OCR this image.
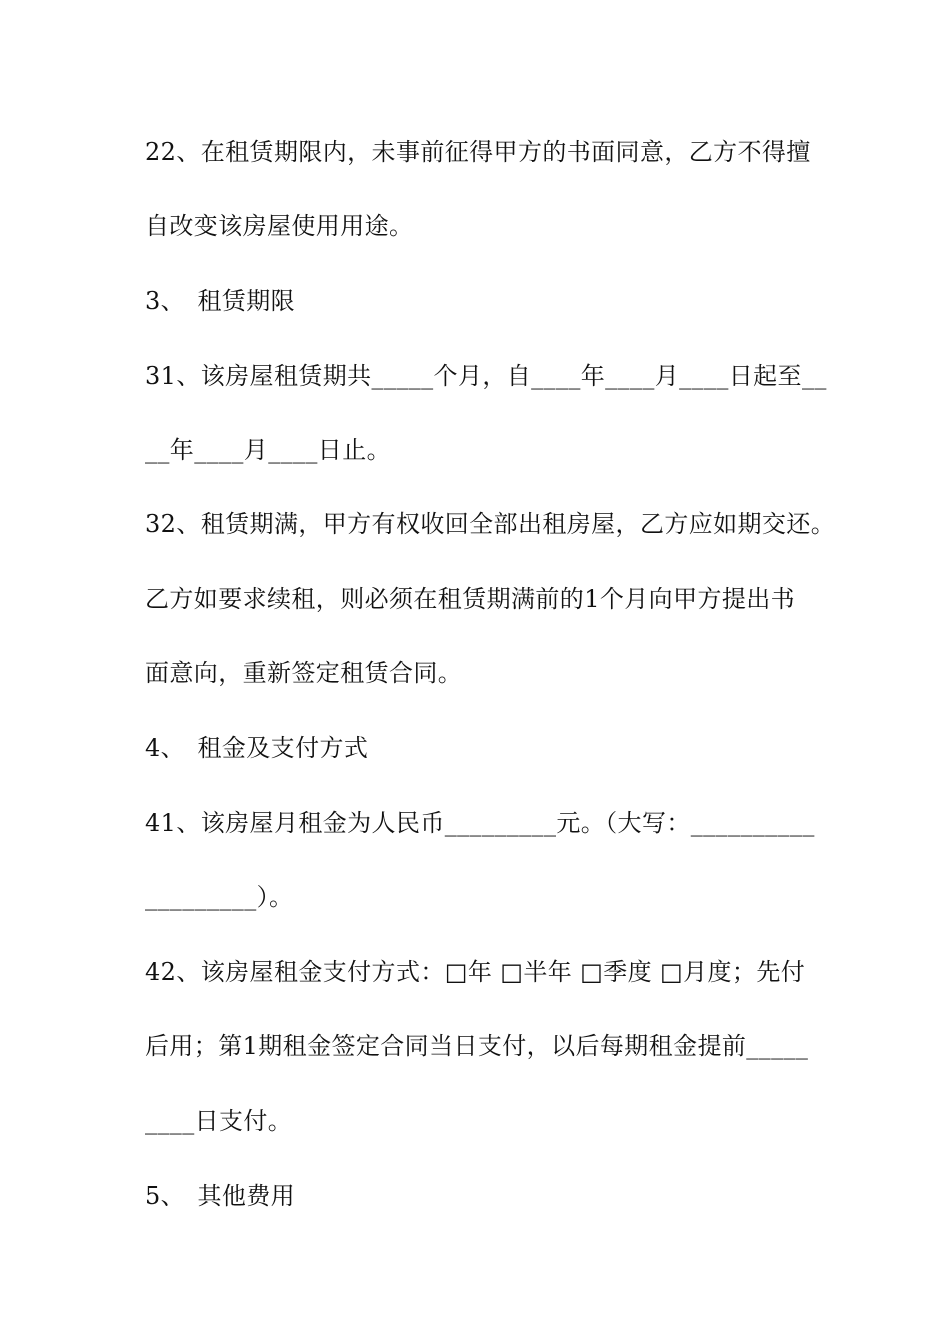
22、在租赁期限内，未事前征得甲方的书面同意，乙方不得擅
自改变该房屋使用用途。
3、　租赁期限
31、该房屋租赁期共_____个月，自____年____月____日起至__
__年____月____日止。
32、租赁期满，甲方有权收回全部出租房屋，乙方应如期交还。
乙方如要求续租，则必须在租赁期满前的1个月向甲方提出书
面意向，重新签定租赁合同。
4、　租金及支付方式
41、该房屋月租金为人民币_________元。（大写：__________
_________）。
42、该房屋租金支付方式：□年 □半年 □季度 □月度；先付
后用；第1期租金签定合同当日支付，以后每期租金提前_____
____日支付。
5、　其他费用
